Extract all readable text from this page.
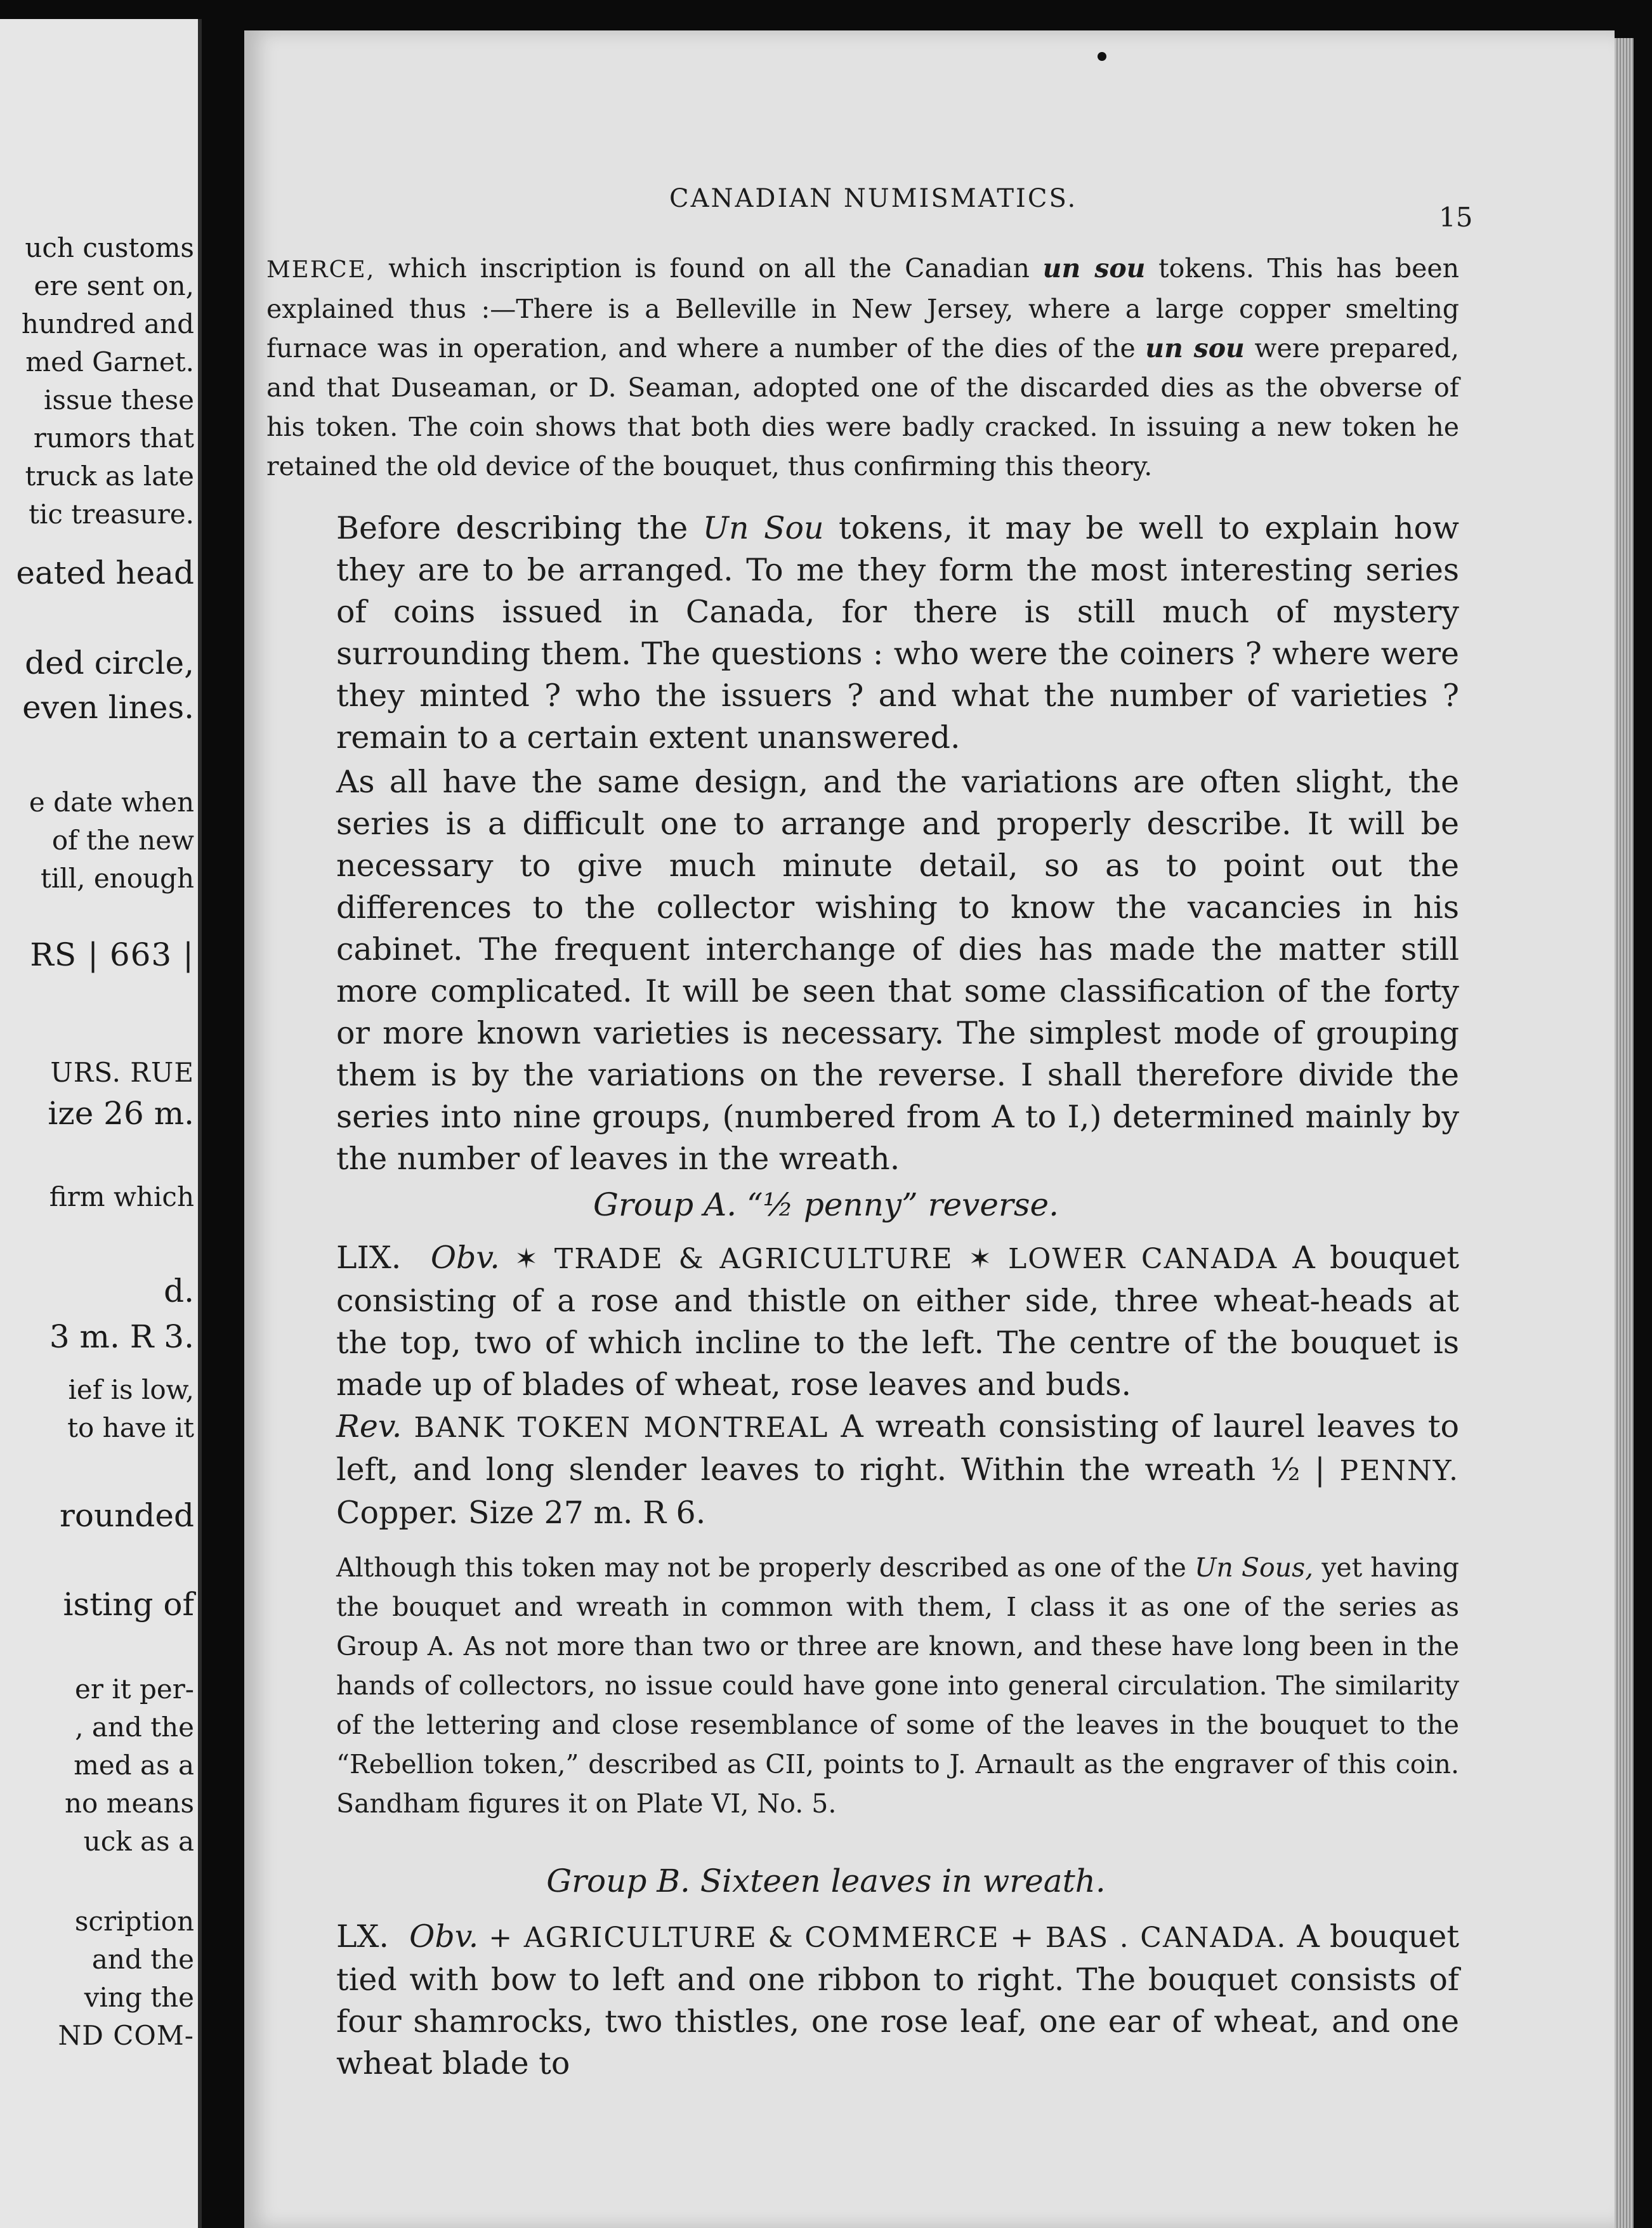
uch customs
ere sent on,
hundred and
med Garnet.
issue these
rumors that
truck as late
tic treasure.
eated head
ded circle,
even lines.
e date when
of the new
till, enough
RS | 663 |
URS. RUE
ize 26 m.
firm which
d.
3 m. R 3.
ief is low,
to have it
rounded
isting of
er it per-
, and the
med as a
no means
uck as a
scription
and the
ving the
ND COM-
CANADIAN NUMISMATICS.
15

MERCE, which inscription is found on all the Canadian un sou tokens. This has been explained thus :—There is a Belleville in New Jersey, where a large copper smelting furnace was in operation, and where a number of the dies of the un sou were prepared, and that Duseaman, or D. Seaman, adopted one of the discarded dies as the obverse of his token. The coin shows that both dies were badly cracked. In issuing a new token he retained the old device of the bouquet, thus confirming this theory.

Before describing the Un Sou tokens, it may be well to explain how they are to be arranged. To me they form the most interesting series of coins issued in Canada, for there is still much of mystery surrounding them. The questions : who were the coiners ? where were they minted ? who the issuers ? and what the number of varieties ? remain to a certain extent unanswered.

As all have the same design, and the variations are often slight, the series is a difficult one to arrange and properly describe. It will be necessary to give much minute detail, so as to point out the differences to the collector wishing to know the vacancies in his cabinet. The frequent interchange of dies has made the matter still more complicated. It will be seen that some classification of the forty or more known varieties is necessary. The simplest mode of grouping them is by the variations on the reverse. I shall therefore divide the series into nine groups, (numbered from A to I,) determined mainly by the number of leaves in the wreath.

Group A. “½ penny” reverse.

LIX. Obv. ✶ TRADE & AGRICULTURE ✶ LOWER CANADA A bouquet consisting of a rose and thistle on either side, three wheat-heads at the top, two of which incline to the left. The centre of the bouquet is made up of blades of wheat, rose leaves and buds.

Rev. BANK TOKEN MONTREAL A wreath consisting of laurel leaves to left, and long slender leaves to right. Within the wreath ½ | PENNY. Copper. Size 27 m. R 6.

Although this token may not be properly described as one of the Un Sous, yet having the bouquet and wreath in common with them, I class it as one of the series as Group A. As not more than two or three are known, and these have long been in the hands of collectors, no issue could have gone into general circulation. The similarity of the lettering and close resemblance of some of the leaves in the bouquet to the “Rebellion token,” described as CII, points to J. Arnault as the engraver of this coin. Sandham figures it on Plate VI, No. 5.

Group B. Sixteen leaves in wreath.

LX. Obv. + AGRICULTURE & COMMERCE + BAS . CANADA. A bouquet tied with bow to left and one ribbon to right. The bouquet consists of four shamrocks, two thistles, one rose leaf, one ear of wheat, and one wheat blade to
